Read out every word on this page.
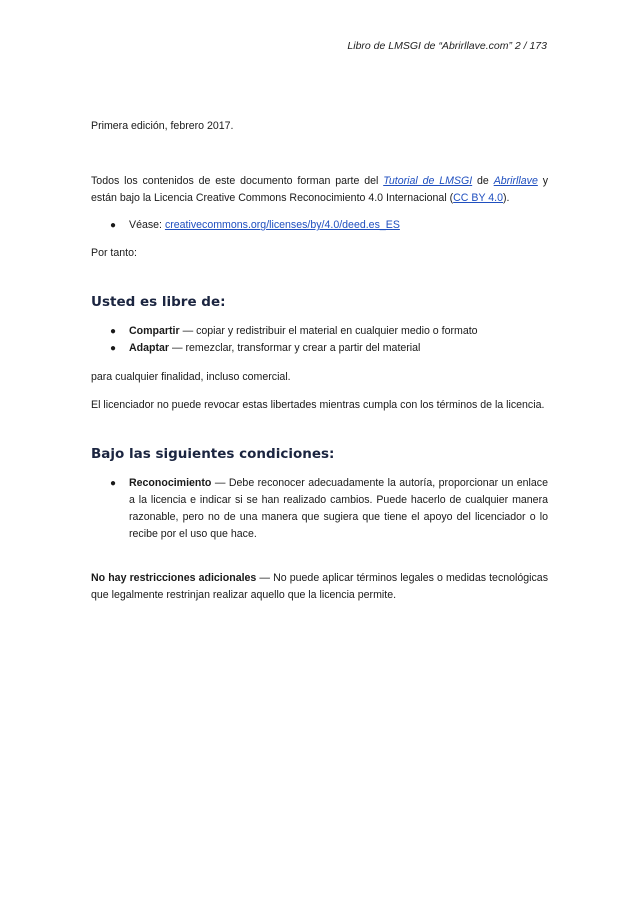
Libro de LMSGI de “Abrirllave.com” 2 / 173

Primera edición, febrero 2017.

Todos los contenidos de este documento forman parte del Tutorial de LMSGI de Abrirllave y están bajo la Licencia Creative Commons Reconocimiento 4.0 Internacional (CC BY 4.0).

● Véase: creativecommons.org/licenses/by/4.0/deed.es_ES

Por tanto:

Usted es libre de:
● Compartir — copiar y redistribuir el material en cualquier medio o formato
● Adaptar — remezclar, transformar y crear a partir del material

para cualquier finalidad, incluso comercial.

El licenciador no puede revocar estas libertades mientras cumpla con los términos de la licencia.

Bajo las siguientes condiciones:
● Reconocimiento — Debe reconocer adecuadamente la autoría, proporcionar un enlace a la licencia e indicar si se han realizado cambios. Puede hacerlo de cualquier manera razonable, pero no de una manera que sugiera que tiene el apoyo del licenciador o lo recibe por el uso que hace.

No hay restricciones adicionales — No puede aplicar términos legales o medidas tecnológicas que legalmente restrinjan realizar aquello que la licencia permite.
